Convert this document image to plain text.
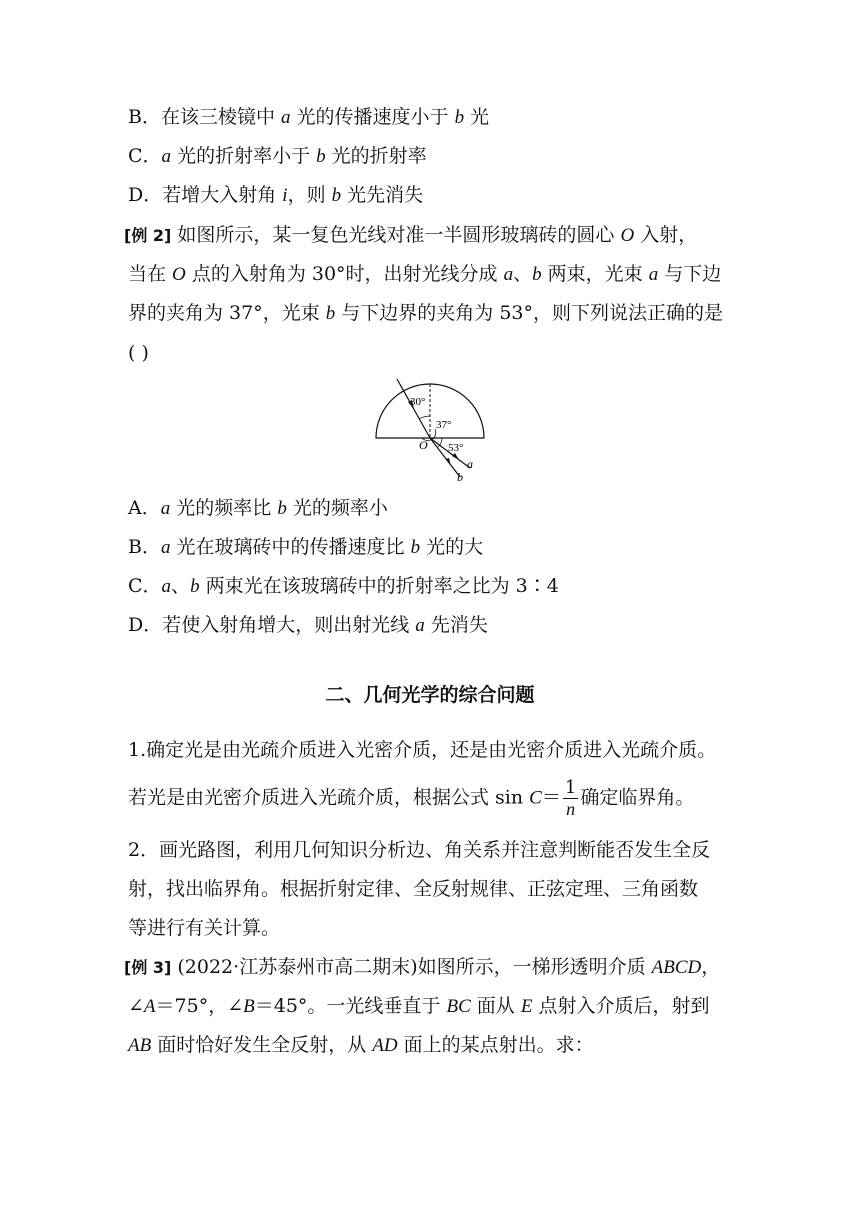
B．在该三棱镜中 a 光的传播速度小于 b 光
C．a 光的折射率小于 b 光的折射率
D．若增大入射角 i，则 b 光先消失
[例 2] 如图所示，某一复色光线对准一半圆形玻璃砖的圆心 O 入射，
当在 O 点的入射角为 30°时，出射光线分成 a、b 两束，光束 a 与下边
界的夹角为 37°，光束 b 与下边界的夹角为 53°，则下列说法正确的是
( )
30°
37°
53°
O
a
b
A．a 光的频率比 b 光的频率小
B．a 光在玻璃砖中的传播速度比 b 光的大
C．a、b 两束光在该玻璃砖中的折射率之比为 3∶4
D．若使入射角增大，则出射光线 a 先消失
二、几何光学的综合问题
1.确定光是由光疏介质进入光密介质，还是由光密介质进入光疏介质。
若光是由光密介质进入光疏介质，根据公式 $\sin C= \frac{1}{n}$ 确定临界角。
2．画光路图，利用几何知识分析边、角关系并注意判断能否发生全反
射，找出临界角。根据折射定律、全反射规律、正弦定理、三角函数
等进行有关计算。
[例 3] (2022·江苏泰州市高二期末)如图所示，一梯形透明介质 ABCD，
∠A＝75°，∠B＝45°。一光线垂直于 BC 面从 E 点射入介质后，射到
AB 面时恰好发生全反射，从 AD 面上的某点射出。求：
